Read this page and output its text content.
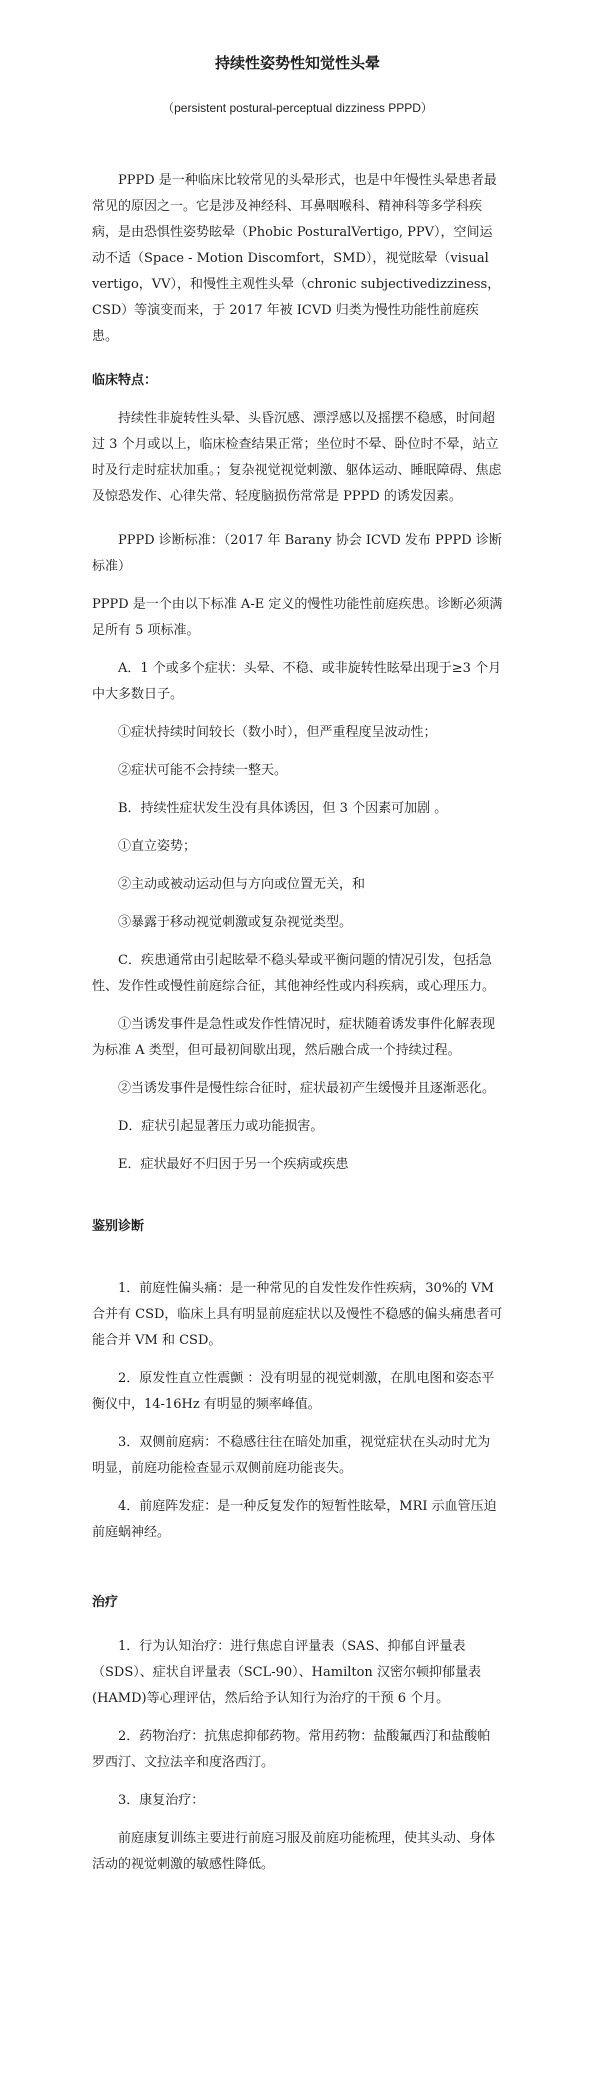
持续性姿势性知觉性头晕
（persistent postural-perceptual dizziness PPPD）

PPPD 是一种临床比较常见的头晕形式，也是中年慢性头晕患者最常见的原因之一。它是涉及神经科、耳鼻咽喉科、精神科等多学科疾病，是由恐惧性姿势眩晕（Phobic PosturalVertigo, PPV），空间运动不适（Space - Motion Discomfort，SMD），视觉眩晕（visual vertigo，VV），和慢性主观性头晕（chronic subjectivedizziness，CSD）等演变而来，于 2017 年被 ICVD 归类为慢性功能性前庭疾患。

临床特点：

持续性非旋转性头晕、头昏沉感、漂浮感以及摇摆不稳感，时间超过 3 个月或以上，临床检查结果正常；坐位时不晕、卧位时不晕，站立时及行走时症状加重。；复杂视觉视觉刺激、躯体运动、睡眠障碍、焦虑及惊恐发作、心律失常、轻度脑损伤常常是 PPPD 的诱发因素。

PPPD 诊断标准：（2017 年 Barany 协会 ICVD 发布 PPPD 诊断标准）

PPPD 是一个由以下标准 A-E 定义的慢性功能性前庭疾患。诊断必须满足所有 5 项标准。

A．1 个或多个症状：头晕、不稳、或非旋转性眩晕出现于≥3 个月中大多数日子。

①症状持续时间较长（数小时），但严重程度呈波动性；

②症状可能不会持续一整天。

B．持续性症状发生没有具体诱因，但 3 个因素可加剧 。

①直立姿势；

②主动或被动运动但与方向或位置无关，和

③暴露于移动视觉刺激或复杂视觉类型。

C．疾患通常由引起眩晕不稳头晕或平衡问题的情况引发，包括急性、发作性或慢性前庭综合征，其他神经性或内科疾病，或心理压力。

①当诱发事件是急性或发作性情况时，症状随着诱发事件化解表现为标准 A 类型，但可最初间歇出现，然后融合成一个持续过程。

②当诱发事件是慢性综合征时，症状最初产生缓慢并且逐渐恶化。

D．症状引起显著压力或功能损害。

E．症状最好不归因于另一个疾病或疾患

鉴别诊断

1．前庭性偏头痛：是一种常见的自发性发作性疾病，30%的 VM 合并有 CSD，临床上具有明显前庭症状以及慢性不稳感的偏头痛患者可能合并 VM 和 CSD。

2．原发性直立性震颤 ：没有明显的视觉刺激，在肌电图和姿态平衡仪中，14-16Hz 有明显的频率峰值。

3．双侧前庭病：不稳感往往在暗处加重，视觉症状在头动时尤为明显，前庭功能检查显示双侧前庭功能丧失。

4．前庭阵发症：是一种反复发作的短暂性眩晕，MRI 示血管压迫前庭蜗神经。

治疗

1．行为认知治疗：进行焦虑自评量表（SAS、抑郁自评量表（SDS）、症状自评量表（SCL-90）、Hamilton 汉密尔顿抑郁量表(HAMD)等心理评估，然后给予认知行为治疗的干预 6 个月。

2．药物治疗：抗焦虑抑郁药物。常用药物：盐酸氟西汀和盐酸帕罗西汀、文拉法辛和度洛西汀。

3．康复治疗：

前庭康复训练主要进行前庭习服及前庭功能梳理，使其头动、身体活动的视觉刺激的敏感性降低。
